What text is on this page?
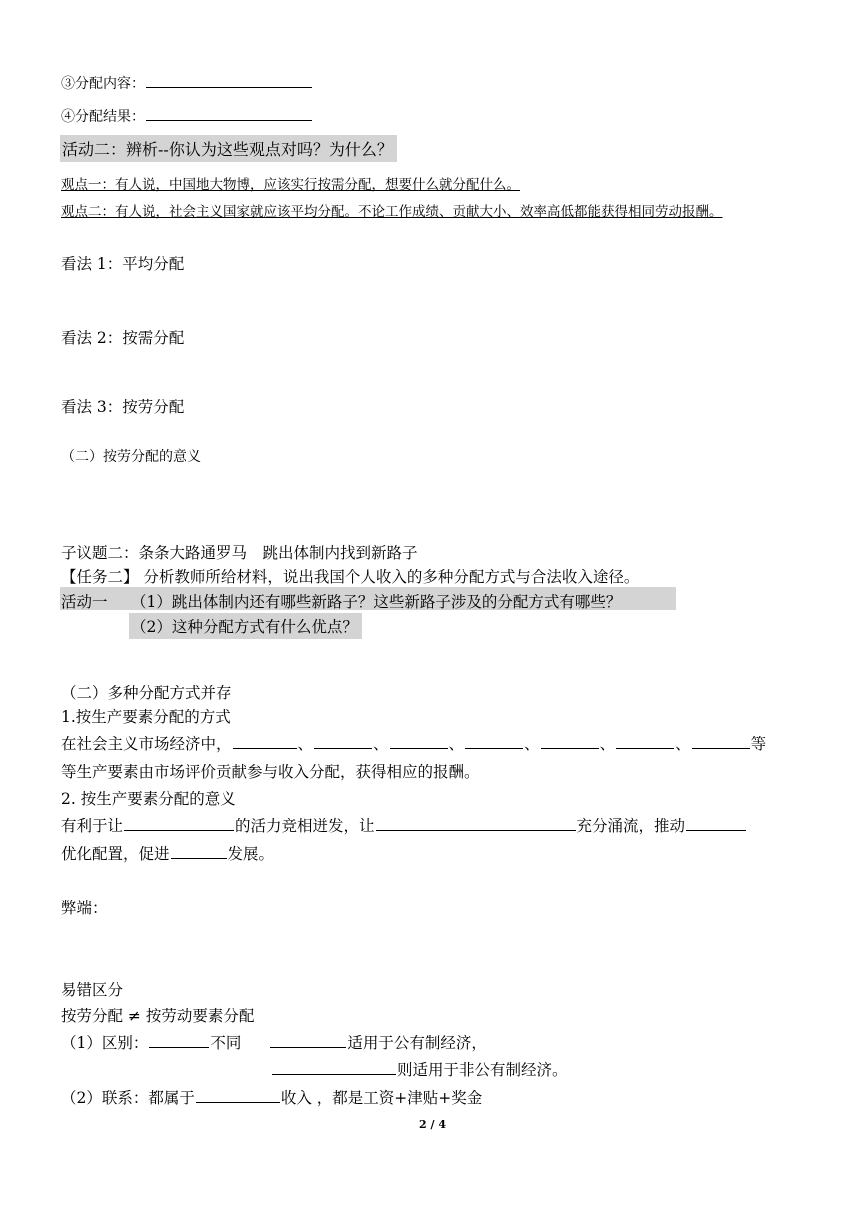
③分配内容：
④分配结果：
活动二：辨析--你认为这些观点对吗？为什么？
观点一：有人说，中国地大物博，应该实行按需分配，想要什么就分配什么。
观点二：有人说，社会主义国家就应该平均分配。不论工作成绩、贡献大小、效率高低都能获得相同劳动报酬。
看法 1：平均分配
看法 2：按需分配
看法 3：按劳分配
（二）按劳分配的意义
子议题二：条条大路通罗马　跳出体制内找到新路子
【任务二】 分析教师所给材料，说出我国个人收入的多种分配方式与合法收入途径。
活动一 （1）跳出体制内还有哪些新路子？这些新路子涉及的分配方式有哪些？
（2）这种分配方式有什么优点？
（二）多种分配方式并存
1.按生产要素分配的方式
在社会主义市场经济中，	、	、	、	、	、	、	等
等生产要素由市场评价贡献参与收入分配，获得相应的报酬。
2. 按生产要素分配的意义
有利于让	的活力竞相迸发，让	充分涌流，推动
优化配置，促进	发展。
弊端：
易错区分
按劳分配 ≠ 按劳动要素分配
（1）区别：	不同	适用于公有制经济，
则适用于非公有制经济。
（2）联系：都属于	收入 ，都是工资+津贴+奖金
2 / 4
